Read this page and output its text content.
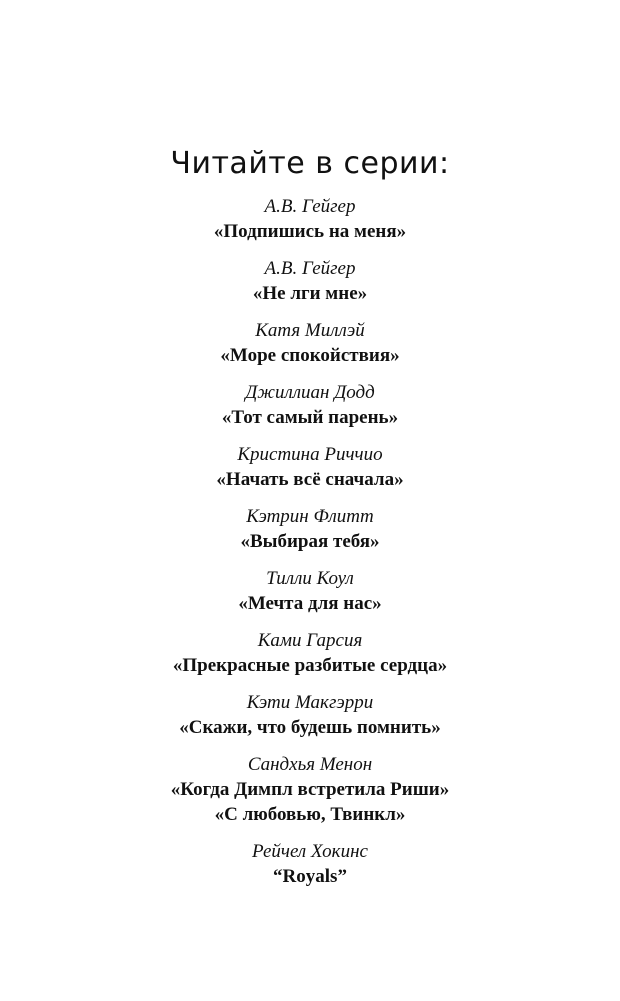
Читайте в серии:
А.В. Гейгер
«Подпишись на меня»
А.В. Гейгер
«Не лги мне»
Катя Миллэй
«Море спокойствия»
Джиллиан Додд
«Тот самый парень»
Кристина Риччио
«Начать всё сначала»
Кэтрин Флитт
«Выбирая тебя»
Тилли Коул
«Мечта для нас»
Ками Гарсия
«Прекрасные разбитые сердца»
Кэти Макгэрри
«Скажи, что будешь помнить»
Сандхья Менон
«Когда Димпл встретила Риши»
«С любовью, Твинкл»
Рейчел Хокинс
“Royals”
